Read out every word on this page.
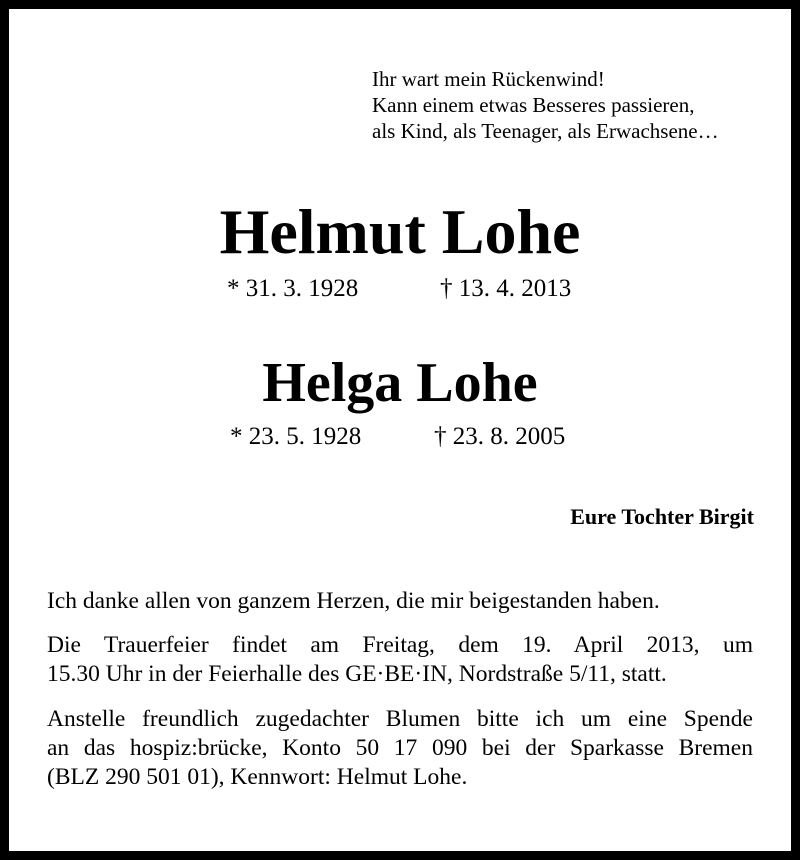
Ihr wart mein Rückenwind!
Kann einem etwas Besseres passieren,
als Kind, als Teenager, als Erwachsene…
Helmut Lohe
* 31. 3. 1928	† 13. 4. 2013
Helga Lohe
* 23. 5. 1928	† 23. 8. 2005
Eure Tochter Birgit
Ich danke allen von ganzem Herzen, die mir beigestanden haben.
Die Trauerfeier findet am Freitag, dem 19. April 2013, um
15.30 Uhr in der Feierhalle des GE·BE·IN, Nordstraße 5/11, statt.
Anstelle freundlich zugedachter Blumen bitte ich um eine Spende
an das hospiz:brücke, Konto 50 17 090 bei der Sparkasse Bremen
(BLZ 290 501 01), Kennwort: Helmut Lohe.
